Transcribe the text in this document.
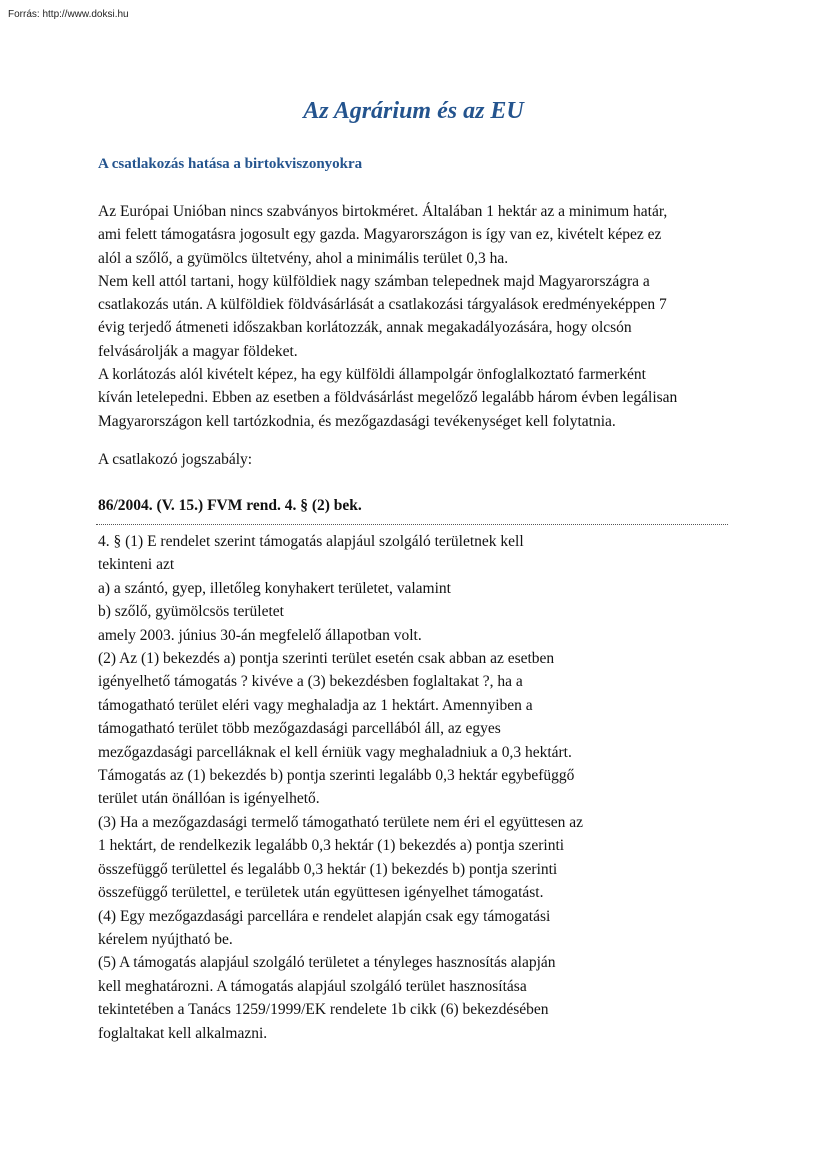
Forrás: http://www.doksi.hu
Az Agrárium és az EU
A csatlakozás hatása a birtokviszonyokra
Az Európai Unióban nincs szabványos birtokméret. Általában 1 hektár az a minimum határ,
ami felett támogatásra jogosult egy gazda. Magyarországon is így van ez, kivételt képez ez
alól a szőlő, a gyümölcs ültetvény, ahol a minimális terület 0,3 ha.
Nem kell attól tartani, hogy külföldiek nagy számban telepednek majd Magyarországra a
csatlakozás után. A külföldiek földvásárlását a csatlakozási tárgyalások eredményeképpen 7
évig terjedő átmeneti időszakban korlátozzák, annak megakadályozására, hogy olcsón
felvásárolják a magyar földeket.
A korlátozás alól kivételt képez, ha egy külföldi állampolgár önfoglalkoztató farmerként
kíván letelepedni. Ebben az esetben a földvásárlást megelőző legalább három évben legálisan
Magyarországon kell tartózkodnia, és mezőgazdasági tevékenységet kell folytatnia.
A csatlakozó jogszabály:
86/2004. (V. 15.) FVM rend. 4. § (2) bek.
4. § (1) E rendelet szerint támogatás alapjául szolgáló területnek kell
tekinteni azt
a) a szántó, gyep, illetőleg konyhakert területet, valamint
b) szőlő, gyümölcsös területet
amely 2003. június 30-án megfelelő állapotban volt.
(2) Az (1) bekezdés a) pontja szerinti terület esetén csak abban az esetben
igényelhető támogatás ? kivéve a (3) bekezdésben foglaltakat ?, ha a
támogatható terület eléri vagy meghaladja az 1 hektárt. Amennyiben a
támogatható terület több mezőgazdasági parcellából áll, az egyes
mezőgazdasági parcelláknak el kell érniük vagy meghaladniuk a 0,3 hektárt.
Támogatás az (1) bekezdés b) pontja szerinti legalább 0,3 hektár egybefüggő
terület után önállóan is igényelhető.
(3) Ha a mezőgazdasági termelő támogatható területe nem éri el együttesen az
1 hektárt, de rendelkezik legalább 0,3 hektár (1) bekezdés a) pontja szerinti
összefüggő területtel és legalább 0,3 hektár (1) bekezdés b) pontja szerinti
összefüggő területtel, e területek után együttesen igényelhet támogatást.
(4) Egy mezőgazdasági parcellára e rendelet alapján csak egy támogatási
kérelem nyújtható be.
(5) A támogatás alapjául szolgáló területet a tényleges hasznosítás alapján
kell meghatározni. A támogatás alapjául szolgáló terület hasznosítása
tekintetében a Tanács 1259/1999/EK rendelete 1b cikk (6) bekezdésében
foglaltakat kell alkalmazni.
